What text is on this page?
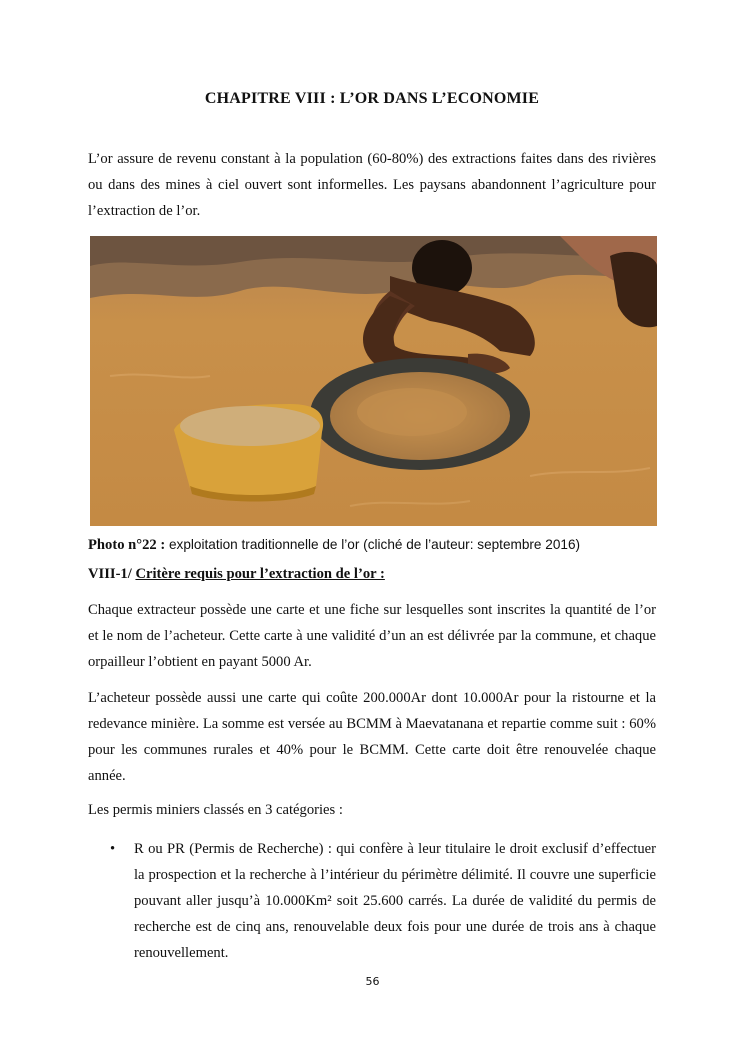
CHAPITRE VIII : L’OR DANS L’ECONOMIE

L’or assure de revenu constant à la population (60-80%) des extractions faites dans des rivières ou dans des mines à ciel ouvert sont informelles. Les paysans abandonnent l’agriculture pour l’extraction de l’or.

Photo n°22 : exploitation traditionnelle de l’or (cliché de l’auteur: septembre 2016)
VIII-1/ Critère requis pour l’extraction de l’or :

Chaque extracteur possède une carte et une fiche sur lesquelles sont inscrites la quantité de l’or et le nom de l’acheteur. Cette carte à une validité d’un an est délivrée par la commune, et chaque orpailleur l’obtient en payant 5000 Ar.

L’acheteur possède aussi une carte qui coûte 200.000Ar dont 10.000Ar pour la ristourne et la redevance minière. La somme est versée au BCMM à Maevatanana et repartie comme suit : 60% pour les communes rurales et 40% pour le BCMM. Cette carte doit être renouvelée chaque année.

Les permis miniers classés en 3 catégories :

• R ou PR (Permis de Recherche) : qui confère à leur titulaire le droit exclusif d’effectuer la prospection et la recherche à l’intérieur du périmètre délimité. Il couvre une superficie pouvant aller jusqu’à 10.000Km² soit 25.600 carrés. La durée de validité du permis de recherche est de cinq ans, renouvelable deux fois pour une durée de trois ans à chaque renouvellement.

56
